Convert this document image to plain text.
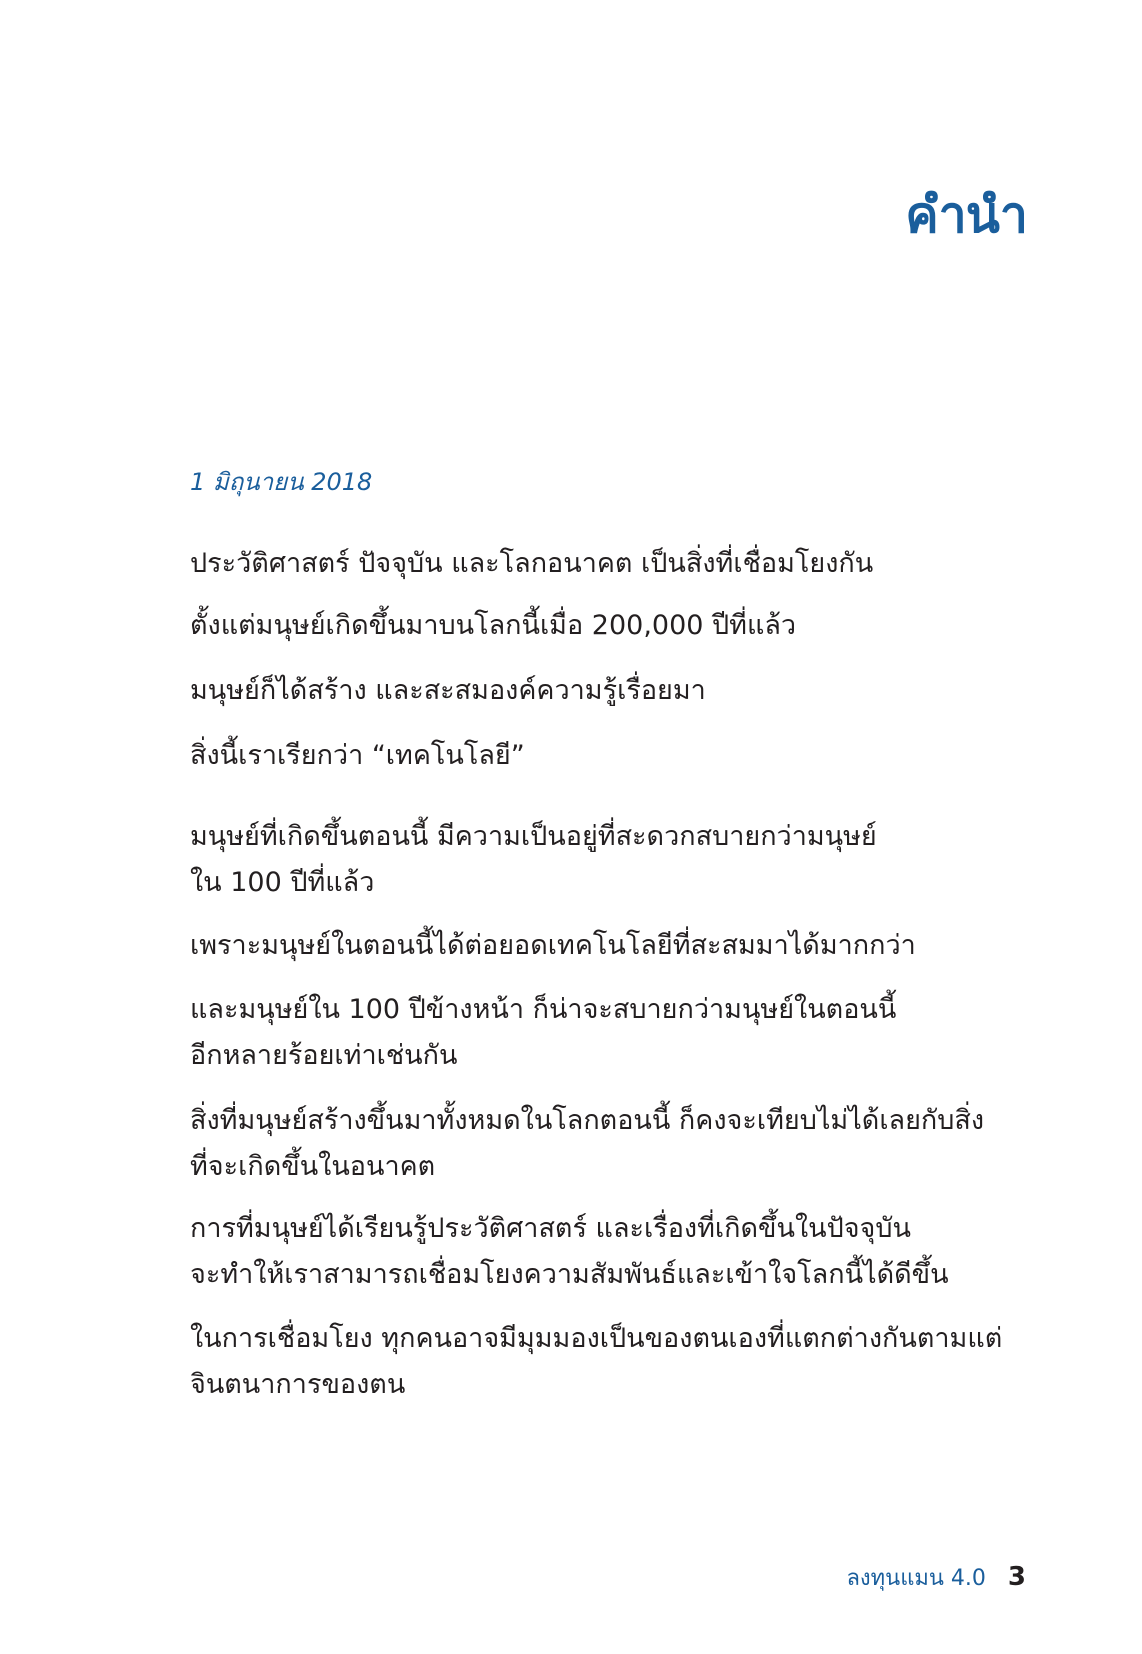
คำนำ
1 มิถุนายน 2018

ประวัติศาสตร์ ปัจจุบัน และโลกอนาคต เป็นสิ่งที่เชื่อมโยงกัน

ตั้งแต่มนุษย์เกิดขึ้นมาบนโลกนี้เมื่อ 200,000 ปีที่แล้ว

มนุษย์ก็ได้สร้าง และสะสมองค์ความรู้เรื่อยมา

สิ่งนี้เราเรียกว่า “เทคโนโลยี”

มนุษย์ที่เกิดขึ้นตอนนี้ มีความเป็นอยู่ที่สะดวกสบายกว่ามนุษย์
ใน 100 ปีที่แล้ว

เพราะมนุษย์ในตอนนี้ได้ต่อยอดเทคโนโลยีที่สะสมมาได้มากกว่า

และมนุษย์ใน 100 ปีข้างหน้า ก็น่าจะสบายกว่ามนุษย์ในตอนนี้
อีกหลายร้อยเท่าเช่นกัน

สิ่งที่มนุษย์สร้างขึ้นมาทั้งหมดในโลกตอนนี้ ก็คงจะเทียบไม่ได้เลยกับสิ่ง
ที่จะเกิดขึ้นในอนาคต

การที่มนุษย์ได้เรียนรู้ประวัติศาสตร์ และเรื่องที่เกิดขึ้นในปัจจุบัน
จะทำให้เราสามารถเชื่อมโยงความสัมพันธ์และเข้าใจโลกนี้ได้ดีขึ้น

ในการเชื่อมโยง ทุกคนอาจมีมุมมองเป็นของตนเองที่แตกต่างกันตามแต่
จินตนาการของตน

ลงทุนแมน 4.0 3
